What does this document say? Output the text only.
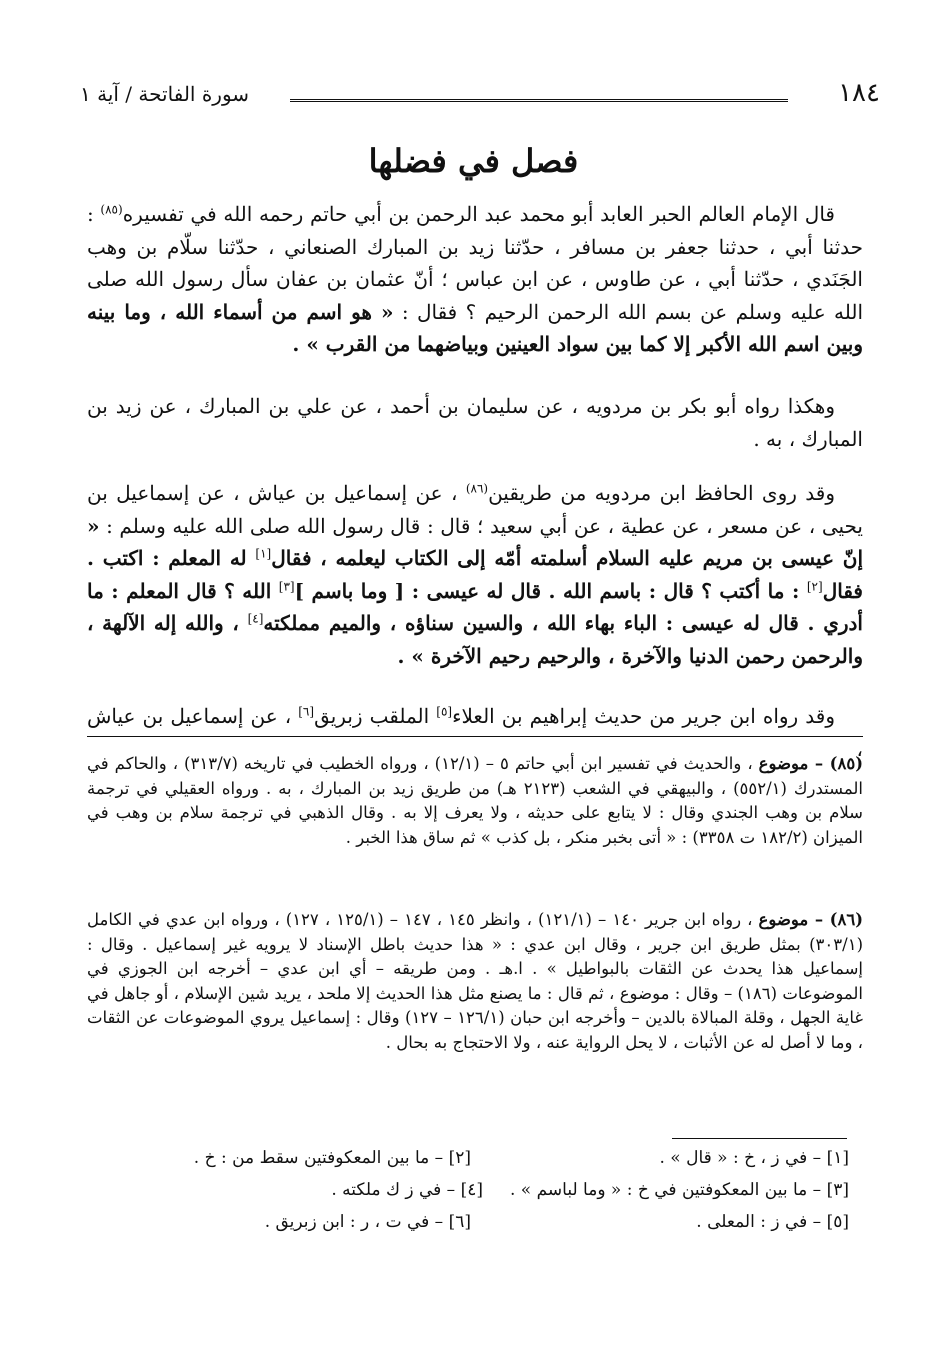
١٨٤
سورة الفاتحة / آية ١
فصل في فضلها

قال الإمام العالم الحبر العابد أبو محمد عبد الرحمن بن أبي حاتم رحمه الله في تفسيره$^{(٨٥)}$ : حدثنا أبي ، حدثنا جعفر بن مسافر ، حدّثنا زيد بن المبارك الصنعاني ، حدّثنا سلّام بن وهب الجَنَدي ، حدّثنا أبي ، عن طاوس ، عن ابن عباس ؛ أنّ عثمان بن عفان سأل رسول الله صلى الله عليه وسلم عن بسم الله الرحمن الرحيم ؟ فقال : « هو اسم من أسماء الله ، وما بينه وبين اسم الله الأكبر إلا كما بين سواد العينين وبياضهما من القرب » .

وهكذا رواه أبو بكر بن مردويه ، عن سليمان بن أحمد ، عن علي بن المبارك ، عن زيد بن المبارك ، به .

وقد روى الحافظ ابن مردويه من طريقين$^{(٨٦)}$ ، عن إسماعيل بن عياش ، عن إسماعيل بن يحيى ، عن مسعر ، عن عطية ، عن أبي سعيد ؛ قال : قال رسول الله صلى الله عليه وسلم : « إنّ عيسى بن مريم عليه السلام أسلمته أمّه إلى الكتاب ليعلمه ، فقال[١] له المعلم : اكتب . فقال[٢] : ما أكتب ؟ قال : باسم الله . قال له عيسى : [ وما باسم ][٣] الله ؟ قال المعلم : ما أدري . قال له عيسى : الباء بهاء الله ، والسين سناؤه ، والميم مملكته[٤] ، والله إله الآلهة ، والرحمن رحمن الدنيا والآخرة ، والرحيم رحيم الآخرة » .

وقد رواه ابن جرير من حديث إبراهيم بن العلاء[٥] الملقب زبريق[٦] ، عن إسماعيل بن عياش ،

(٨٥) – موضوع ، والحديث في تفسير ابن أبي حاتم ٥ – (١٢/١) ، ورواه الخطيب في تاريخه (٣١٣/٧) ، والحاكم في المستدرك (٥٥٢/١) ، والبيهقي في الشعب (٢١٢٣ هـ) من طريق زيد بن المبارك ، به . ورواه العقيلي في ترجمة سلام بن وهب الجندي وقال : لا يتابع على حديثه ، ولا يعرف إلا به . وقال الذهبي في ترجمة سلام بن وهب في الميزان (١٨٢/٢ ت ٣٣٥٨) : « أتى بخبر منكر ، بل كذب » ثم ساق هذا الخبر .

(٨٦) – موضوع ، رواه ابن جرير ١٤٠ – (١٢١/١) ، وانظر ١٤٥ ، ١٤٧ – (١٢٥/١ ، ١٢٧) ، ورواه ابن عدي في الكامل (٣٠٣/١) بمثل طريق ابن جرير ، وقال ابن عدي : « هذا حديث باطل الإسناد لا يرويه غير إسماعيل . وقال : إسماعيل هذا يحدث عن الثقات بالبواطيل » . ا.هـ . ومن طريقه – أي ابن عدي – أخرجه ابن الجوزي في الموضوعات (١٨٦) – وقال : موضوع ، ثم قال : ما يصنع مثل هذا الحديث إلا ملحد ، يريد شين الإسلام ، أو جاهل في غاية الجهل ، وقلة المبالاة بالدين – وأخرجه ابن حبان (١٢٦/١ – ١٢٧) وقال : إسماعيل يروي الموضوعات عن الثقات ، وما لا أصل له عن الأثبات ، لا يحل الرواية عنه ، ولا الاحتجاج به بحال .

[١] – في ز ، خ : « قال » .
[٢] – ما بين المعكوفتين سقط من : خ .
[٣] – ما بين المعكوفتين في خ : « وما لباسم » .
[٤] – في ز ك ملكته .
[٥] – في ز : المعلى .
[٦] – في ت ، ر : ابن زبريق .
